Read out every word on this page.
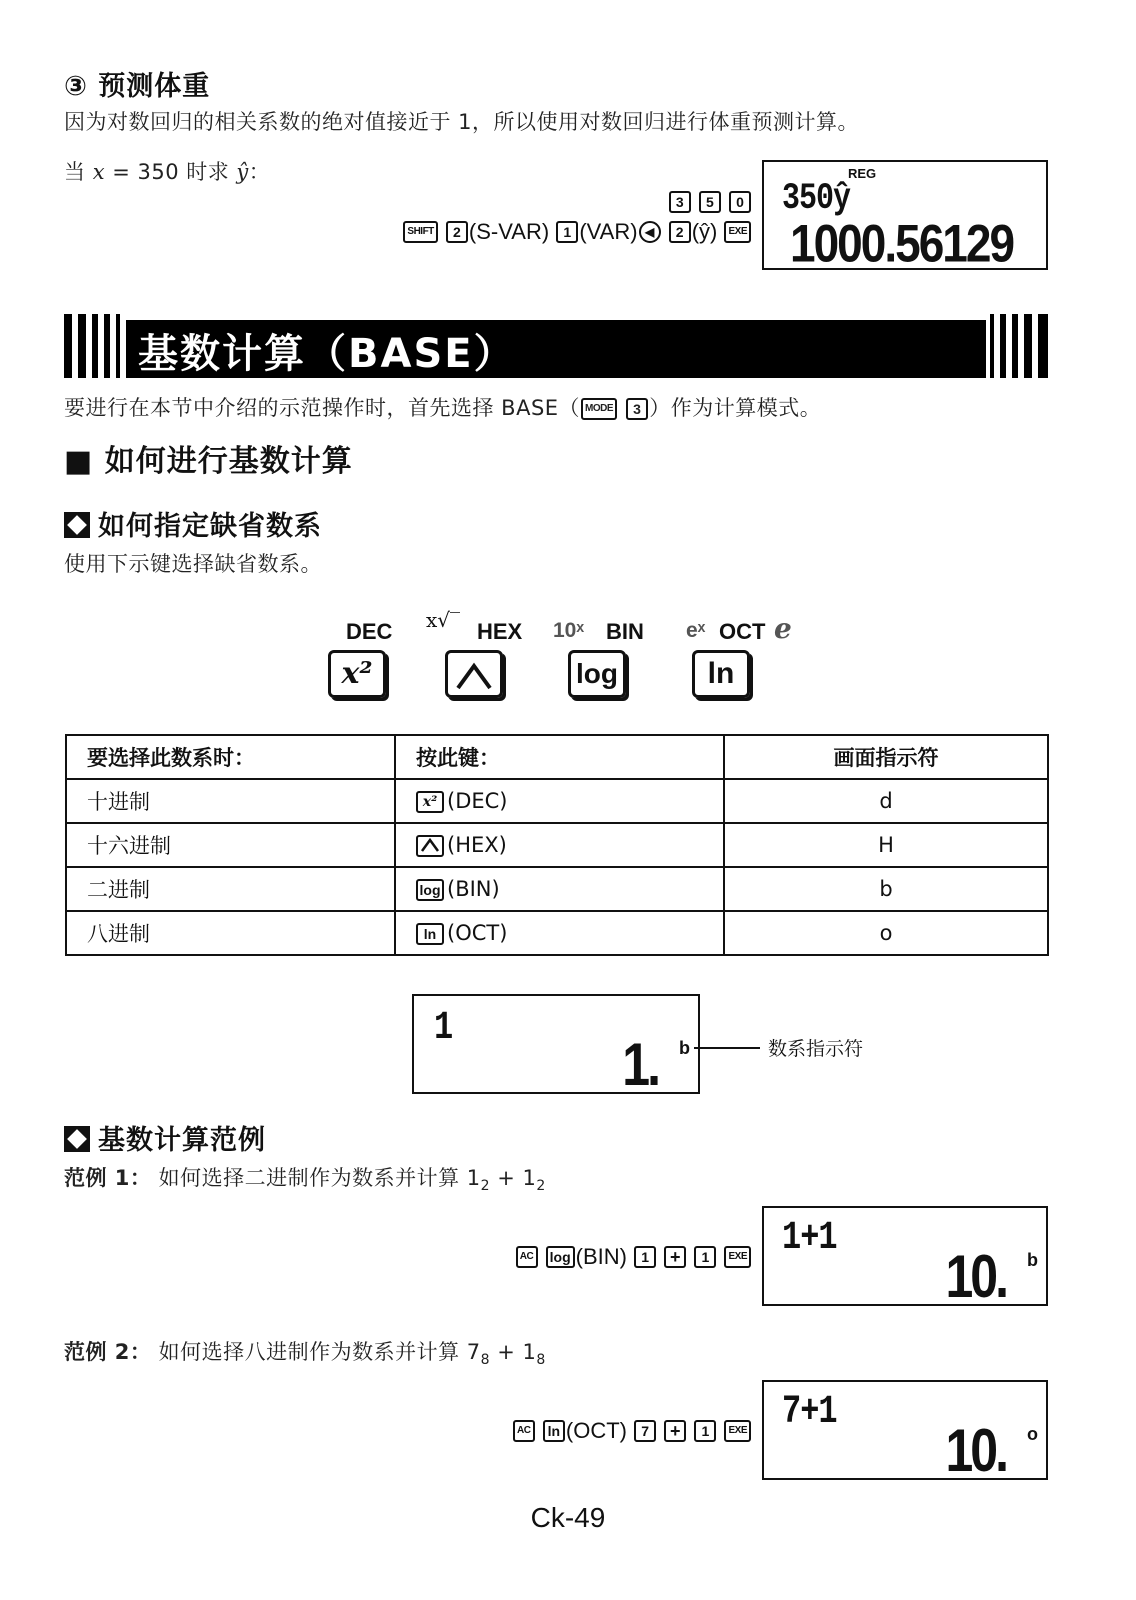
③ 预测体重
因为对数回归的相关系数的绝对值接近于 1，所以使用对数回归进行体重预测计算。
当 x = 350 时求 ŷ：
3 5 0
SHIFT 2 (S-VAR) 1 (VAR) ◀ 2 (ŷ) EXE
REG
350ŷ
1000.56129
基数计算（BASE）
要进行在本节中介绍的示范操作时，首先选择 BASE（ MODE 3 ）作为计算模式。
■ 如何进行基数计算
如何指定缺省数系
使用下示键选择缺省数系。
DEC
x²
x√‾ HEX 10ˣ BIN
log
eˣ OCT e
ln
要选择此数系时：	按此键：	画面指示符
十进制	x² (DEC)	d
十六进制	(HEX)	H
二进制	log (BIN)	b
八进制	ln (OCT)	o
1
1. b	数系指示符
基数计算范例
范例 1： 如何选择二进制作为数系并计算 $1_2 + 1_2$
AC log (BIN) 1 + 1 EXE 1+1
10. b
范例 2： 如何选择八进制作为数系并计算 $7_8 + 1_8$
AC ln (OCT) 7 + 1 EXE 7+1
10. o
Ck-49
